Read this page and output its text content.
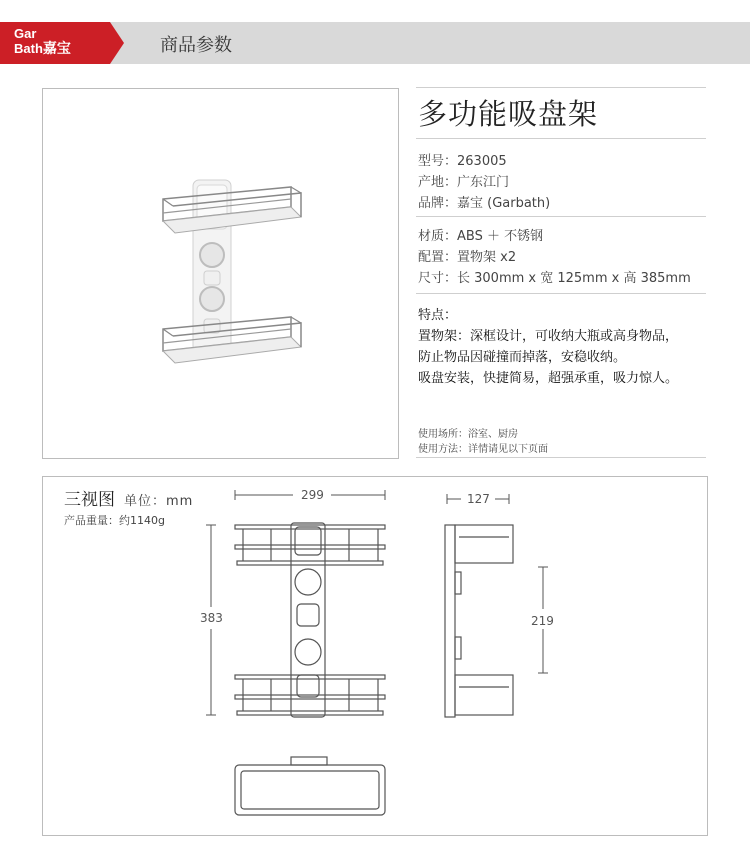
Gar
Bath嘉宝	商品参数
多功能吸盘架
型号：263005
产地：广东江门
品牌：嘉宝 (Garbath)
材质：ABS ＋ 不锈钢
配置：置物架 x2
尺寸：长 300mm x 宽 125mm x 高 385mm
特点：
置物架：深框设计，可收纳大瓶或高身物品，
防止物品因碰撞而掉落，安稳收纳。
吸盘安装，快捷简易，超强承重，吸力惊人。
使用场所：浴室、厨房
使用方法：详情请见以下页面
299
383
127
219
三视图 单位：mm
产品重量：约1140g
